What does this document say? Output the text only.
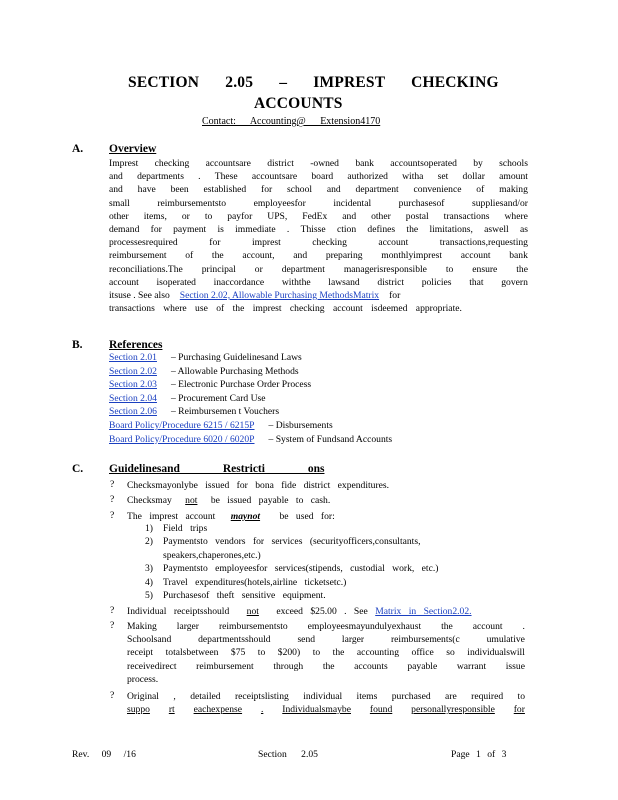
SECTION 2.05 – IMPREST CHECKING
ACCOUNTS
Contact: Accounting@ Extension4170
A. Overview
Imprest checking accountsare district -owned bank accountsoperated by schools
and departments . These accountsare board authorized witha set dollar amount
and have been established for school and department convenience of making
small	reimbursementsto	employeesfor	incidental	purchasesof	suppliesand/or
other items, or to payfor UPS, FedEx and other postal transactions where
demand for payment is immediate . Thisse ction defines the limitations, aswell as
processesrequired	for	imprest	checking	account	transactions,requesting
reimbursement of the account, and preparing monthlyimprest account bank
reconciliations.The principal or department managerisresponsible to ensure the
account isoperated inaccordance withthe lawsand district policies that govern
itsuse . See also Section 2.02, Allowable Purchasing MethodsMatrix for
transactions where use of the imprest checking account isdeemed appropriate.
B. References
Section 2.01 – Purchasing Guidelinesand Laws
Section 2.02 – Allowable Purchasing Methods
Section 2.03 – Electronic Purchase Order Process
Section 2.04 – Procurement Card Use
Section 2.06 – Reimbursemen t Vouchers
Board Policy/Procedure 6215 / 6215P – Disbursements
Board Policy/Procedure 6020 / 6020P – System of Fundsand Accounts
C. Guidelinesand Restricti ons
? Checksmayonlybe issued for bona fide district expenditures.
? Checksmay not be issued payable to cash.
? The imprest account maynot be used for:
1) Field trips
2) Paymentsto vendors for services (securityofficers,consultants,
speakers,chaperones,etc.)
3) Paymentsto employeesfor services(stipends, custodial work, etc.)
4) Travel expenditures(hotels,airline ticketsetc.)
5) Purchasesof theft sensitive equipment.
? Individual receiptsshould not exceed $25.00 . See Matrix in Section2.02.
? Making larger reimbursementsto employeesmayundulyexhaust the account .
Schoolsand	departmentsshould	send	larger	reimbursements(c	umulative
receipt totalsbetween $75 to $200) to the accounting office so individualswill
receivedirect reimbursement through the accounts payable warrant issue
process.
? Original , detailed receiptslisting individual items purchased are required to
suppo rt eachexpense . Individualsmaybe found personallyresponsible for
Rev. 09 /16	Section 2.05	Page 1 of 3
